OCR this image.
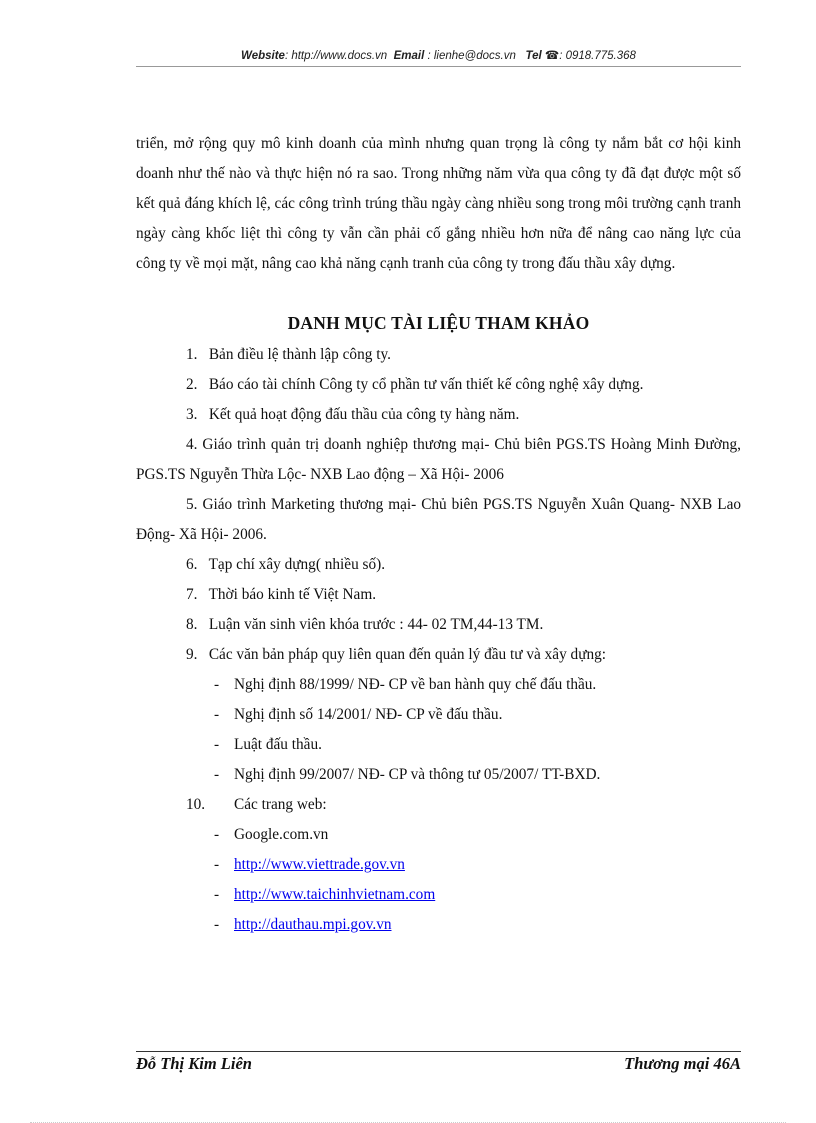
Website: http://www.docs.vn Email : lienhe@docs.vn Tel ☎: 0918.775.368
triển, mở rộng quy mô kinh doanh của mình nhưng quan trọng là công ty nắm bắt cơ hội kinh doanh như thế nào và thực hiện nó ra sao. Trong những năm vừa qua công ty đã đạt được một số kết quả đáng khích lệ, các công trình trúng thầu ngày càng nhiều song trong môi trường cạnh tranh ngày càng khốc liệt thì công ty vẫn cần phải cố gắng nhiều hơn nữa để nâng cao năng lực của công ty về mọi mặt, nâng cao khả năng cạnh tranh của công ty trong đấu thầu xây dựng.
DANH MỤC TÀI LIỆU THAM KHẢO

1. Bản điều lệ thành lập công ty.

2. Báo cáo tài chính Công ty cổ phần tư vấn thiết kế công nghệ xây dựng.

3. Kết quả hoạt động đấu thầu của công ty hàng năm.

4. Giáo trình quản trị doanh nghiệp thương mại- Chủ biên PGS.TS Hoàng Minh Đường, PGS.TS Nguyễn Thừa Lộc- NXB Lao động – Xã Hội- 2006

5. Giáo trình Marketing thương mại- Chủ biên PGS.TS Nguyễn Xuân Quang- NXB Lao Động- Xã Hội- 2006.

6. Tạp chí xây dựng( nhiều số).

7. Thời báo kinh tế Việt Nam.

8. Luận văn sinh viên khóa trước : 44- 02 TM,44-13 TM.

9. Các văn bản pháp quy liên quan đến quản lý đầu tư và xây dựng:

- Nghị định 88/1999/ NĐ- CP về ban hành quy chế đấu thầu.

- Nghị định số 14/2001/ NĐ- CP về đấu thầu.

- Luật đấu thầu.

- Nghị định 99/2007/ NĐ- CP và thông tư 05/2007/ TT-BXD.

10. Các trang web:

- Google.com.vn

- http://www.viettrade.gov.vn

- http://www.taichinhvietnam.com

- http://dauthau.mpi.gov.vn

Đỗ Thị Kim Liên	Thương mại 46A
